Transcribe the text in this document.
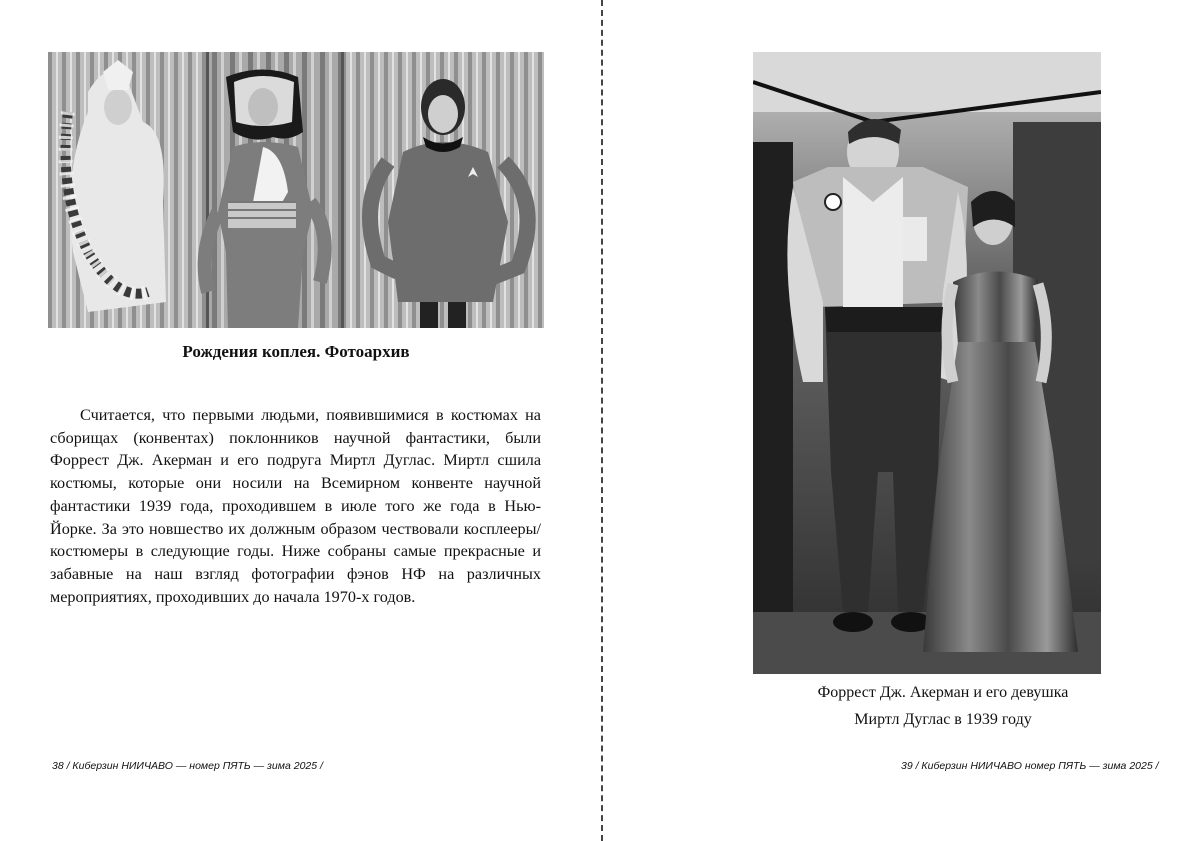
Рождения коплея. Фотоархив

Считается, что первыми людьми, появившимися в костюмах на сборищах (конвентах) поклонников научной фантастики, были Форрест Дж. Акерман и его подруга Миртл Дуглас. Миртл сшила костюмы, которые они носили на Всемирном конвенте научной фантастики 1939 года, проходившем в июле того же года в Нью-Йорке. За это новшество их должным образом чествовали косплееры/костюмеры в следующие годы. Ниже собраны самые прекрасные и забавные на наш взгляд фотографии фэнов НФ на различных мероприятиях, проходивших до начала 1970-х годов.

38 / Киберзин НИИЧАВО — номер ПЯТЬ — зима 2025 /
Форрест Дж. Акерман и его девушка
Миртл Дуглас в 1939 году
39 / Киберзин НИИЧАВО номер ПЯТЬ — зима 2025 /
